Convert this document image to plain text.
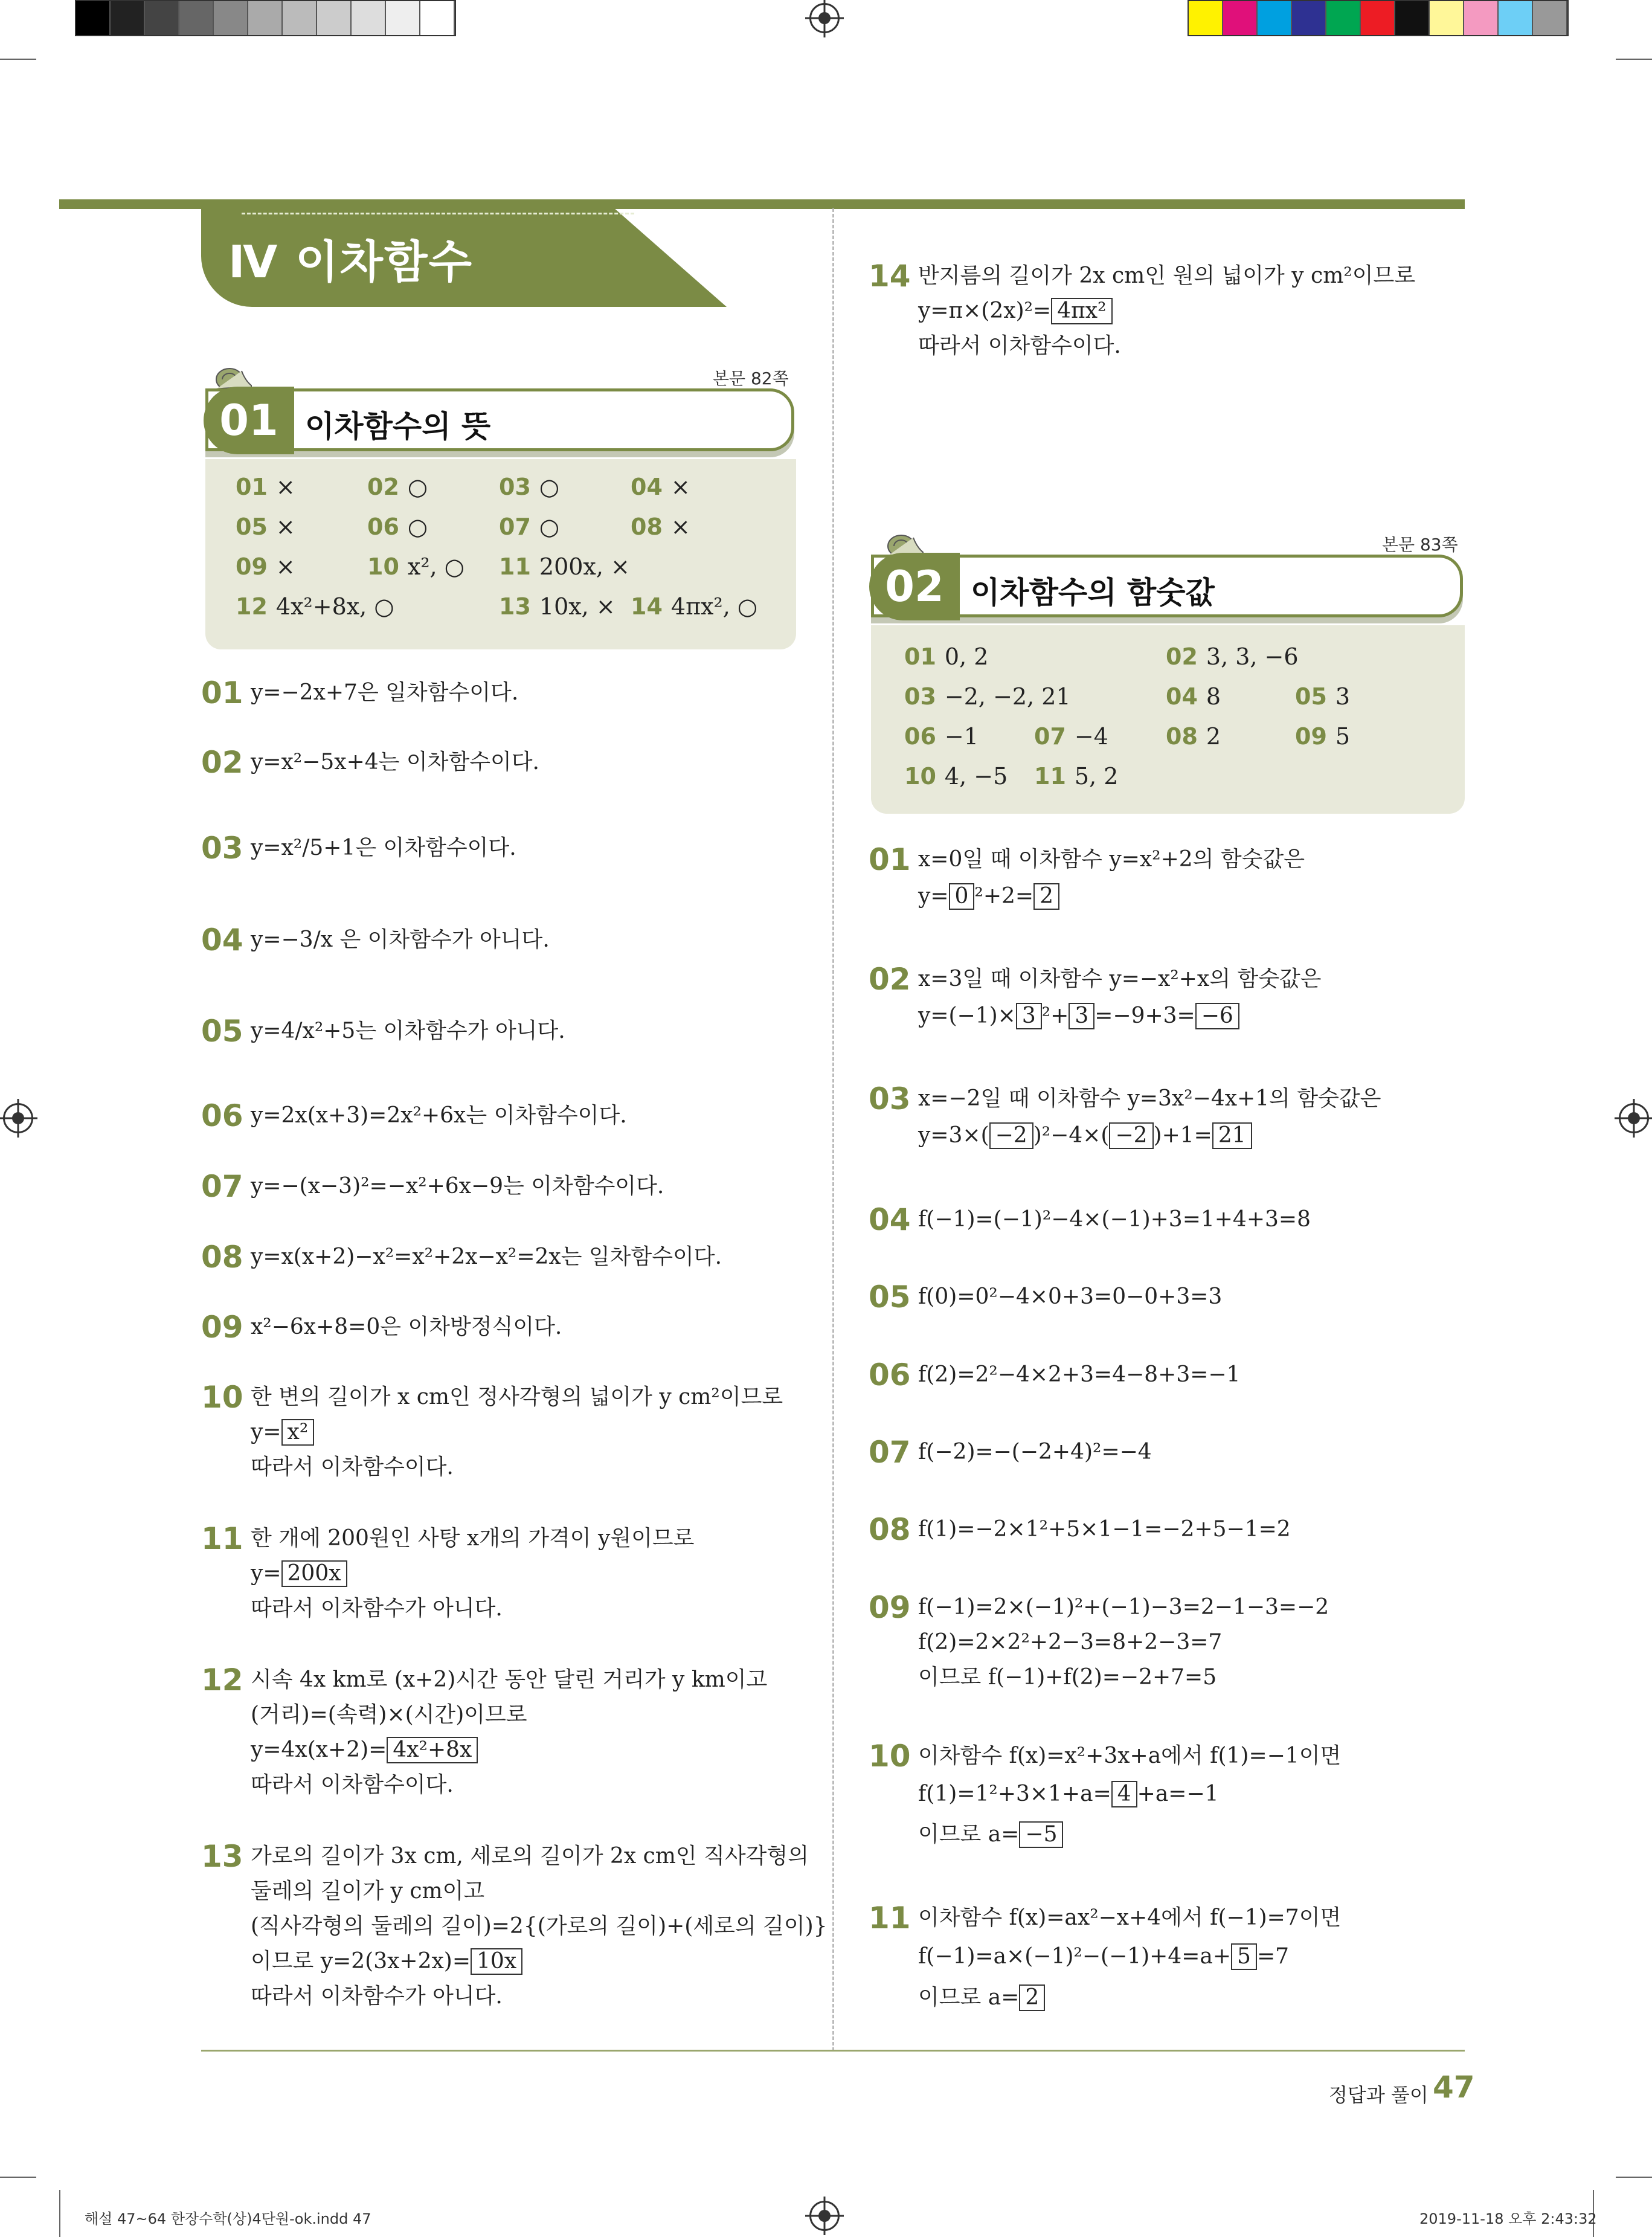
Ⅳ 이차함수
본문 82쪽
01 이차함수의 뜻
01 ×	02 ○	03 ○	04 ×
05 ×	06 ○	07 ○	08 ×
09 ×	10 x², ○ 11 200x, ×
12 4x²+8x, ○	13 10x, × 14 4πx², ○
01 y=−2x+7은 일차함수이다.
02 y=x²−5x+4는 이차함수이다.
03 y=x²/5+1은 이차함수이다.
04 y=−3/x 은 이차함수가 아니다.
05 y=4/x²+5는 이차함수가 아니다.
06 y=2x(x+3)=2x²+6x는 이차함수이다.
07 y=−(x−3)²=−x²+6x−9는 이차함수이다.
08 y=x(x+2)−x²=x²+2x−x²=2x는 일차함수이다.
09 x²−6x+8=0은 이차방정식이다.
10 한 변의 길이가 x cm인 정사각형의 넓이가 y cm²이므로
y= x²
따라서 이차함수이다.
11 한 개에 200원인 사탕 x개의 가격이 y원이므로
y= 200x
따라서 이차함수가 아니다.
12 시속 4x km로 (x+2)시간 동안 달린 거리가 y km이고
(거리)=(속력)×(시간)이므로
y=4x(x+2)= 4x²+8x
따라서 이차함수이다.
13 가로의 길이가 3x cm, 세로의 길이가 2x cm인 직사각형의
둘레의 길이가 y cm이고
(직사각형의 둘레의 길이)=2{(가로의 길이)+(세로의 길이)}
이므로 y=2(3x+2x)= 10x
따라서 이차함수가 아니다.
14 반지름의 길이가 2x cm인 원의 넓이가 y cm²이므로
y=π×(2x)²= 4πx²
따라서 이차함수이다.
본문 83쪽
02 이차함수의 함숫값
01 0, 2	02 3, 3, −6
03 −2, −2, 21	04 8	05 3
06 −1 07 −4	08 2	09 5
10 4, −5 11 5, 2
01 x=0일 때 이차함수 y=x²+2의 함숫값은
y= 0 ²+2= 2
02 x=3일 때 이차함수 y=−x²+x의 함숫값은
y=(−1)× 3 ²+ 3 =−9+3= −6
03 x=−2일 때 이차함수 y=3x²−4x+1의 함숫값은
y=3×( −2 )²−4×( −2 )+1= 21
04 f(−1)=(−1)²−4×(−1)+3=1+4+3=8
05 f(0)=0²−4×0+3=0−0+3=3
06 f(2)=2²−4×2+3=4−8+3=−1
07 f(−2)=−(−2+4)²=−4
08 f(1)=−2×1²+5×1−1=−2+5−1=2
09 f(−1)=2×(−1)²+(−1)−3=2−1−3=−2
f(2)=2×2²+2−3=8+2−3=7
이므로 f(−1)+f(2)=−2+7=5
10 이차함수 f(x)=x²+3x+a에서 f(1)=−1이면
f(1)=1²+3×1+a= 4 +a=−1
이므로 a= −5
11 이차함수 f(x)=ax²−x+4에서 f(−1)=7이면
f(−1)=a×(−1)²−(−1)+4=a+ 5 =7
이므로 a= 2
정답과 풀이 47
해설 47~64 한장수학(상)4단원-ok.indd 47	2019-11-18 오후 2:43:32
